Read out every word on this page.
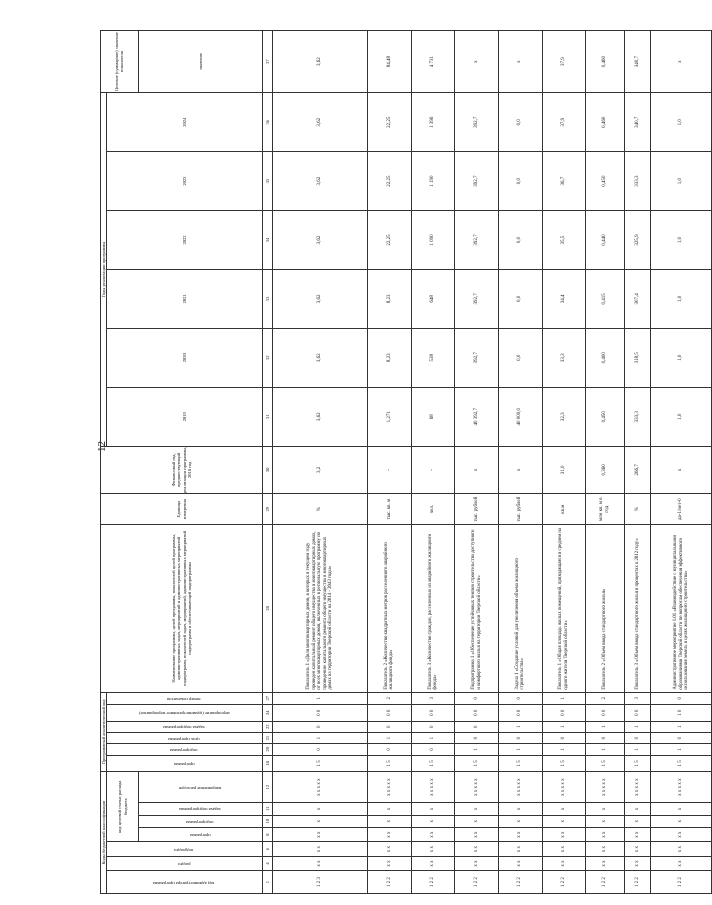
12
Коды бюджетной классификации							Программный аналитический код						Наименование программы, целей программы, показателей целей программы, административных задач, мероприятий и административных мероприятий подпрограмм, показателей задач, мероприятий, административных мероприятий подпрограмм и обеспечивающей подпрограммы	Единица измерения	Финансовый год, предшествующий реализации программы, 2018 год	Годы реализации программы						Целевое (суммарное) значение показателя
код администратора программы	раздел	подраздел	код целевой статьи расхода бюджета				программа	подпрограмма	цель программы	задача подпрограммы	мероприятие (административное мероприятие)	номер показателя				2019	2020	2021	2022	2023	2024	
			программа	подпрограмма	задача подпрограммы	направление расходов																значение
1	4	6	8	10	11	12	18	20	21	22	24	27	28	29	30	31	32	33	34	35	36	37
1 2 3	x x	x x	x x	x	x	x x x x x	1 5	0	1	0	0 0	1	Показатель 1 «Доля многоквартирных домов, в которых в текущем году проведен капитальный ремонт общего имущества в многоквартирных домах, от всех многоквартирных домов, включенных в региональную программу по проведению капитального ремонта общего имущества в многоквартирных домах на территории Тверской области на 2014 - 2043 годы»	%	3,2	3,62	3,62	3,62	3,62	3,62	3,62	3,62
1 2 2	x x	x x	x x	x	x	x x x x x	1 5	0	1	0	0 0	2	Показатель 2 «Количество квадратных метров расселенного аварийного жилищного фонда»	тыс. кв. м	-	1,271	8,23	8,23	22,25	22,25	22,25	84,48
1 2 2	x x	x x	x x	x	x	x x x x x	1 5	0	1	0	0 0	3	Показатель 3 «Количество граждан, расселенных из аварийного жилищного фонда»	чел.	-	68	538	648	1 090	1 190	1 396	4 731
1 2 2	x x	x x	x x	x	x	x x x x x	1 5	1	0	0	0 0	0	Подпрограмма 1 «Обеспечение устойчивых темпов строительства доступного и комфортного жилья на территории Тверской области»	тыс. рублей	x	40 392,7	392,7	392,7	392,7	392,7	392,7	x
1 2 2	x x	x x	x x	x	x	x x x x x	1 5	1	0	1	0 0	0	Задача 1 «Создание условий для увеличения объема жилищного строительства»	тыс. рублей	x	40 000,0	0,0	0,0	0,0	0,0	0,0	x
1 2 2	x x	x x	x x	x	x	x x x x x	1 5	1	0	1	0 0	1	Показатель 1 «Общая площадь жилых помещений, приходящаяся в среднем на одного жителя Тверской области»	кв.м	31,0	32,3	33,3	34,4	35,5	36,7	37,9	37,9
1 2 2	x x	x x	x x	x	x	x x x x x	1 5	1	0	1	0 0	2	Показатель 2 «Объем ввода стандартного жилья»	млн кв. м в год	0,360	0,450	0,400	0,415	0,440	0,450	0,460	0,460
1 2 2	x x	x x	x x	x	x	x x x x x	1 5	1	0	1	0 0	3	Показатель 3 «Объем ввода стандартного жилья в процентах к 2012 году»	%	266,7	333,3	318,5	307,4	325,9	333,3	340,7	340,7
1 2 2	x x	x x	x x	x	x	x x x x x	1 5	1	0	1	1 0	0	Административное мероприятие 1.01 «Взаимодействие с муниципальными образованиями Тверской области по вопросам обеспечения эффективного использования земель в целях жилищного строительства»	да-1/нет-0	x	1,0	1,0	1,0	1,0	1,0	1,0	x
